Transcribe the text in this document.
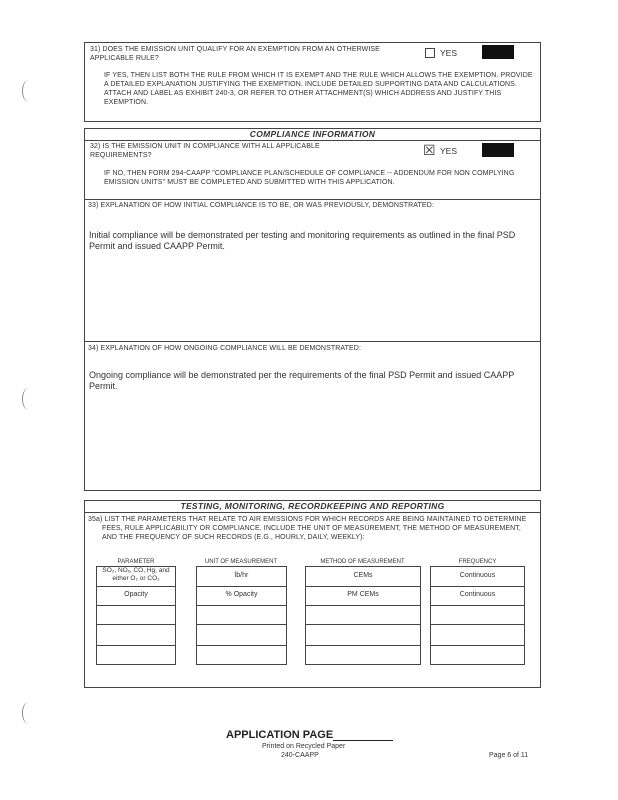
31) DOES THE EMISSION UNIT QUALIFY FOR AN EXEMPTION FROM AN OTHERWISE APPLICABLE RULE?
YES
IF YES, THEN LIST BOTH THE RULE FROM WHICH IT IS EXEMPT AND THE RULE WHICH ALLOWS THE EXEMPTION. PROVIDE A DETAILED EXPLANATION JUSTIFYING THE EXEMPTION. INCLUDE DETAILED SUPPORTING DATA AND CALCULATIONS. ATTACH AND LABEL AS EXHIBIT 240-3, OR REFER TO OTHER ATTACHMENT(S) WHICH ADDRESS AND JUSTIFY THIS EXEMPTION.
COMPLIANCE INFORMATION
32) IS THE EMISSION UNIT IN COMPLIANCE WITH ALL APPLICABLE REQUIREMENTS?	☒ YES
IF NO, THEN FORM 294-CAAPP "COMPLIANCE PLAN/SCHEDULE OF COMPLIANCE -- ADDENDUM FOR NON COMPLYING EMISSION UNITS" MUST BE COMPLETED AND SUBMITTED WITH THIS APPLICATION.
33) EXPLANATION OF HOW INITIAL COMPLIANCE IS TO BE, OR WAS PREVIOUSLY, DEMONSTRATED:
Initial compliance will be demonstrated per testing and monitoring requirements as outlined in the final PSD Permit and issued CAAPP Permit.
34) EXPLANATION OF HOW ONGOING COMPLIANCE WILL BE DEMONSTRATED:
Ongoing compliance will be demonstrated per the requirements of the final PSD Permit and issued CAAPP Permit.
TESTING, MONITORING, RECORDKEEPING AND REPORTING
35a) LIST THE PARAMETERS THAT RELATE TO AIR EMISSIONS FOR WHICH RECORDS ARE BEING MAINTAINED TO DETERMINE FEES, RULE APPLICABILITY OR COMPLIANCE. INCLUDE THE UNIT OF MEASUREMENT, THE METHOD OF MEASUREMENT, AND THE FREQUENCY OF SUCH RECORDS (E.G., HOURLY, DAILY, WEEKLY):
PARAMETER	UNIT OF MEASUREMENT	METHOD OF MEASUREMENT	FREQUENCY
SO₂, NOₓ, CO, Hg, and either O₂ or CO₂	lb/hr	CEMs	Continuous
Opacity	% Opacity	PM CEMs	Continuous
APPLICATION PAGE
Printed on Recycled Paper
240-CAAPP	Page 6 of 11
